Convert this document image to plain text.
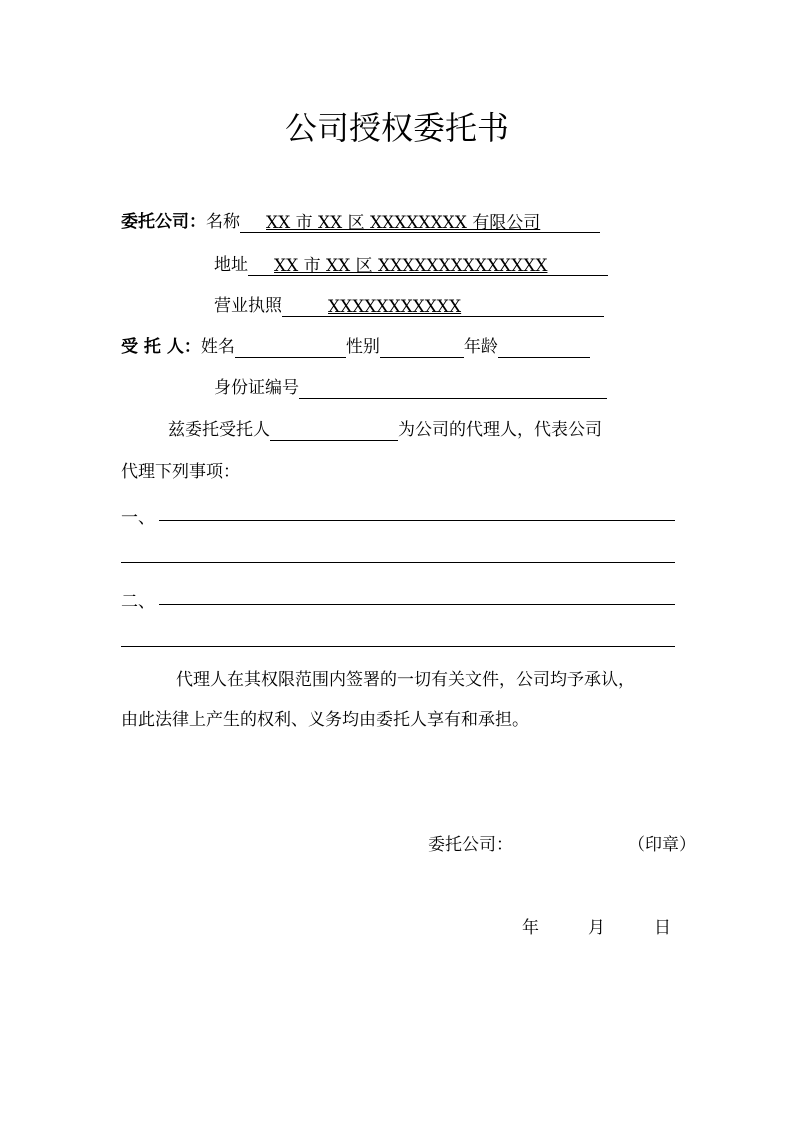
公司授权委托书
委托公司：名称 XX 市 XX 区 XXXXXXXX 有限公司
地址 XX 市 XX 区 XXXXXXXXXXXXXX
营业执照	XXXXXXXXXXX
受 托 人：姓名	性别	年龄
身份证编号
兹委托受托人	为公司的代理人，代表公司
代理下列事项：
一、
二、
代理人在其权限范围内签署的一切有关文件，公司均予承认，
由此法律上产生的权利、义务均由委托人享有和承担。
委托公司：	（印章）
年	月	日
